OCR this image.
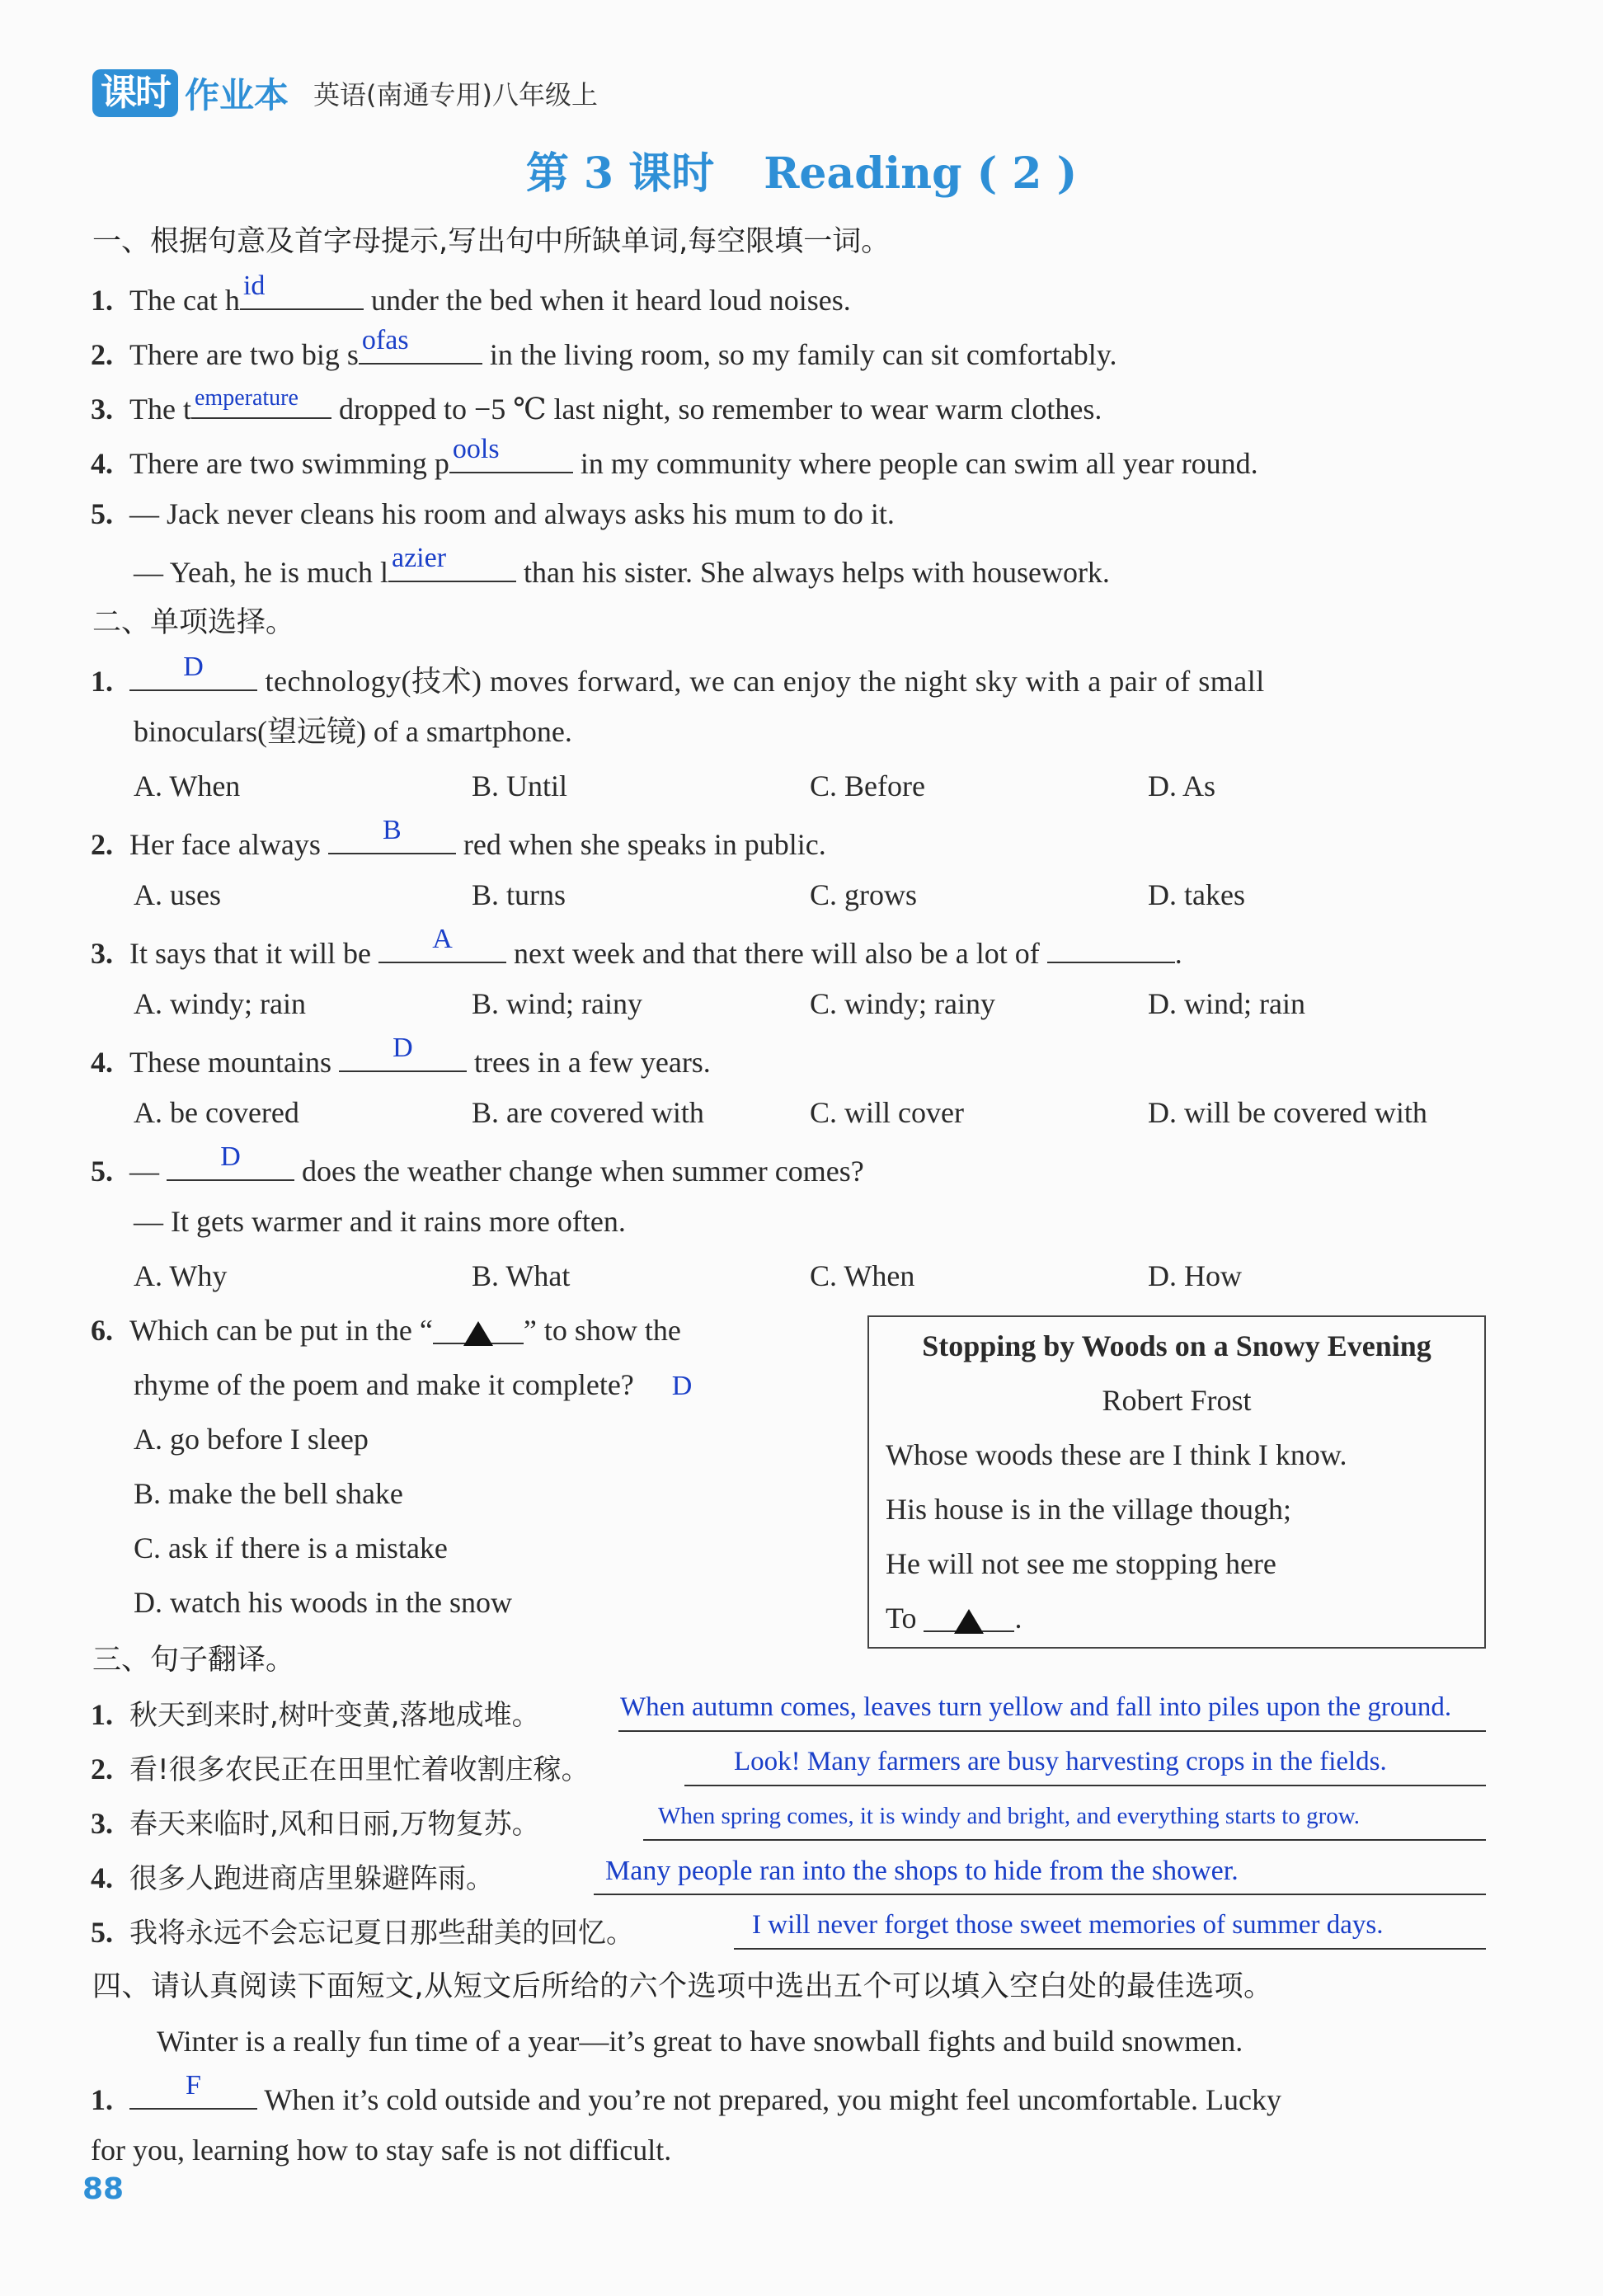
课时 作业本 英语(南通专用)八年级上
第 3 课时 Reading ( 2 )
一、根据句意及首字母提示,写出句中所缺单词,每空限填一词。
1. The cat h id	under the bed when it heard loud noises.
2. There are two big s ofas	in the living room, so my family can sit comfortably.
3. The t emperature	dropped to −5 ℃ last night, so remember to wear warm clothes.
4. There are two swimming p ools	in my community where people can swim all year round.
5. — Jack never cleans his room and always asks his mum to do it.
— Yeah, he is much l azier	than his sister. She always helps with housework.
二、单项选择。
1.	D	technology(技术) moves forward, we can enjoy the night sky with a pair of small
binoculars(望远镜) of a smartphone.
A. When	B. Until	C. Before	D. As
2. Her face always	B	red when she speaks in public.
A. uses	B. turns	C. grows	D. takes
3. It says that it will be	A	next week and that there will also be a lot of	.
A. windy; rain	B. wind; rainy	C. windy; rainy	D. wind; rain
4. These mountains	D	trees in a few years.
A. be covered	B. are covered with	C. will cover	D. will be covered with
5. —	D	does the weather change when summer comes?
— It gets warmer and it rains more often.
A. Why	B. What	C. When	D. How
6. Which can be put in the “	” to show the
rhyme of the poem and make it complete? D
A. go before I sleep
B. make the bell shake
C. ask if there is a mistake
D. watch his woods in the snow
Stopping by Woods on a Snowy Evening
Robert Frost
Whose woods these are I think I know.
His house is in the village though;
He will not see me stopping here
To	.
三、句子翻译。
1. 秋天到来时,树叶变黄,落地成堆。	When autumn comes, leaves turn yellow and fall into piles upon the ground.
2. 看!很多农民正在田里忙着收割庄稼。	Look! Many farmers are busy harvesting crops in the fields.
3. 春天来临时,风和日丽,万物复苏。	When spring comes, it is windy and bright, and everything starts to grow.
4. 很多人跑进商店里躲避阵雨。	Many people ran into the shops to hide from the shower.
5. 我将永远不会忘记夏日那些甜美的回忆。	I will never forget those sweet memories of summer days.
四、请认真阅读下面短文,从短文后所给的六个选项中选出五个可以填入空白处的最佳选项。
Winter is a really fun time of a year—it’s great to have snowball fights and build snowmen.
1.	F	When it’s cold outside and you’re not prepared, you might feel uncomfortable. Lucky
for you, learning how to stay safe is not difficult.
88
